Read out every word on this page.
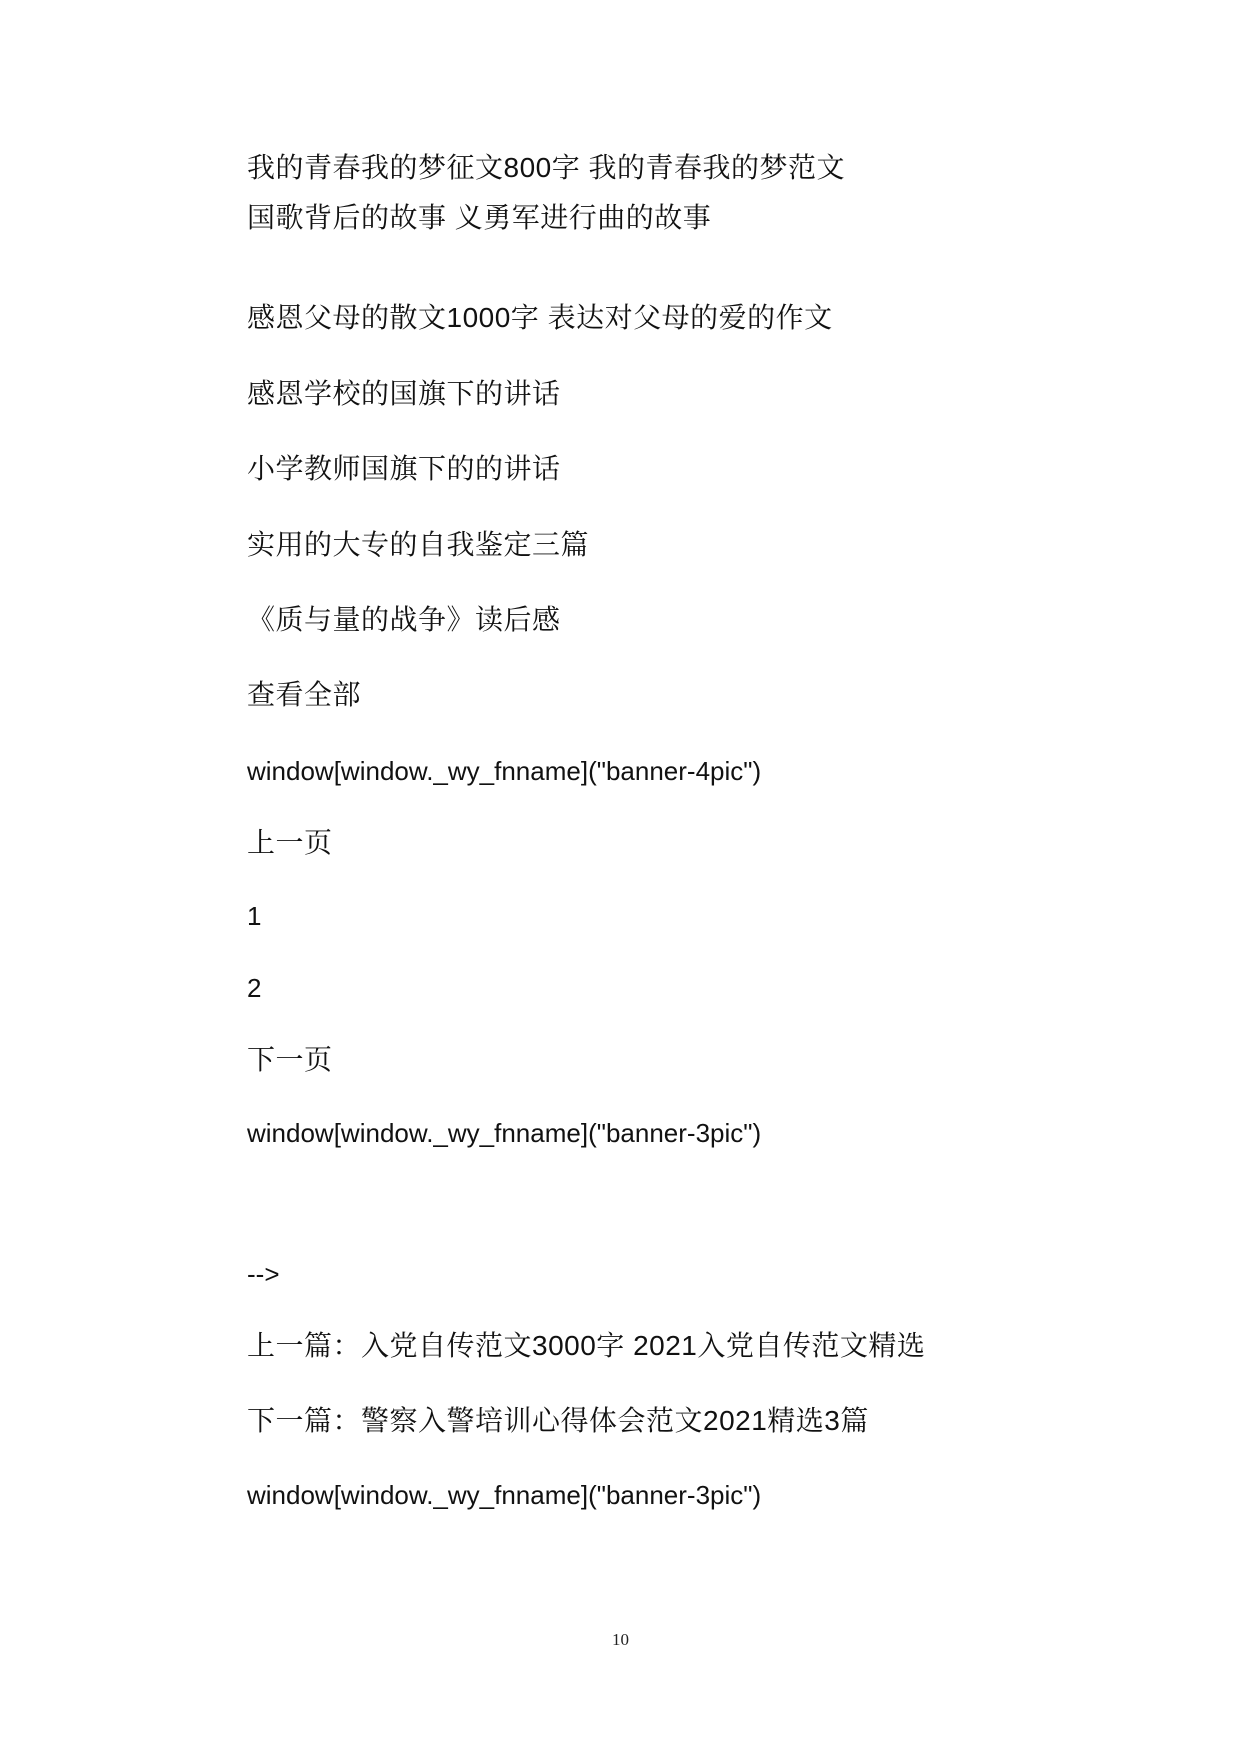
我的青春我的梦征文800字 我的青春我的梦范文
国歌背后的故事 义勇军进行曲的故事
感恩父母的散文1000字 表达对父母的爱的作文
感恩学校的国旗下的讲话
小学教师国旗下的的讲话
实用的大专的自我鉴定三篇
《质与量的战争》读后感
查看全部
window[window._wy_fnname]("banner-4pic")
上一页
1
2
下一页
window[window._wy_fnname]("banner-3pic")
-->
上一篇：入党自传范文3000字 2021入党自传范文精选
下一篇：警察入警培训心得体会范文2021精选3篇
window[window._wy_fnname]("banner-3pic")
10
